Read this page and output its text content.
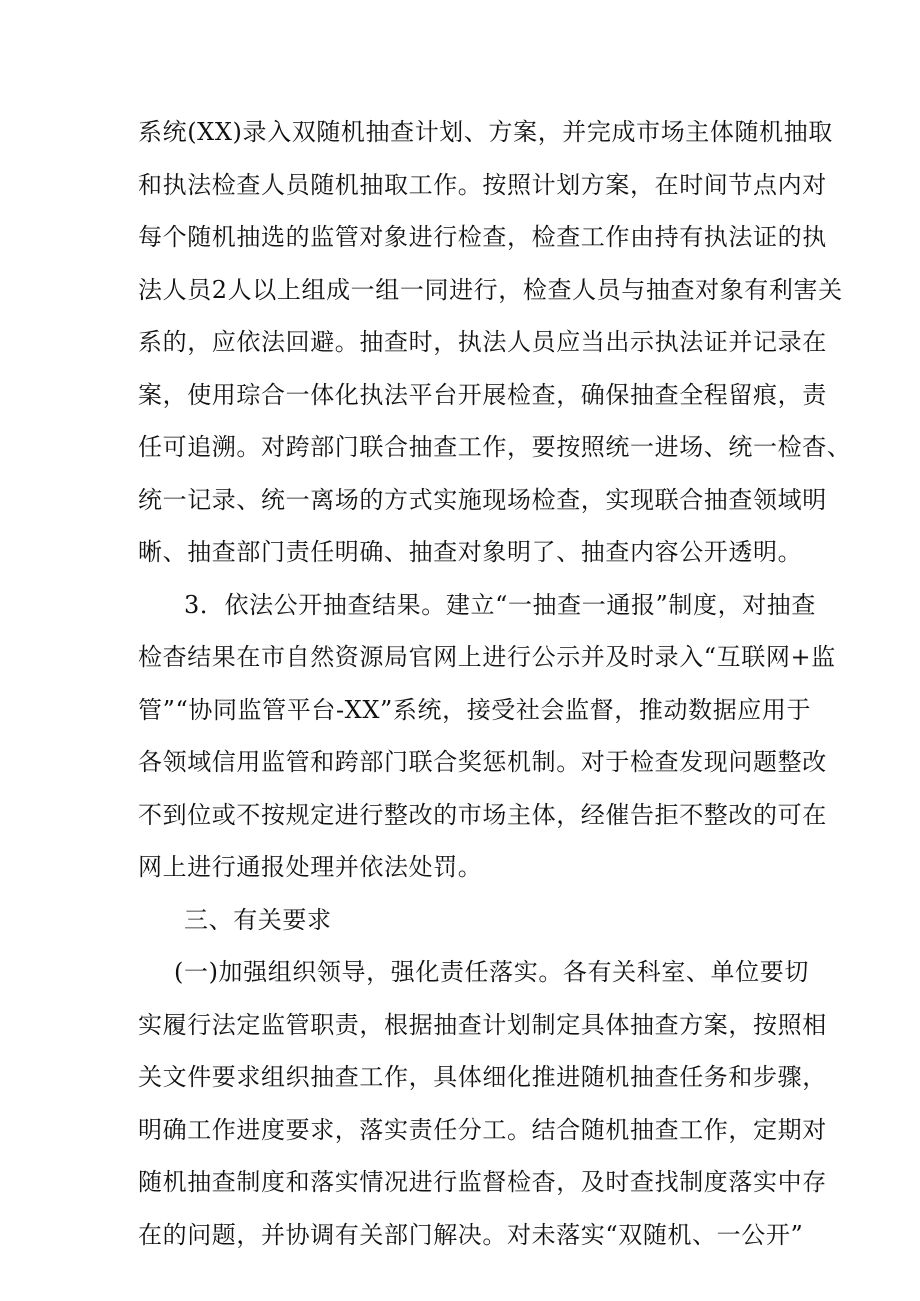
系统(XX)录入双随机抽查计划、方案，并完成市场主体随机抽取
和执法检查人员随机抽取工作。按照计划方案，在时间节点内对
每个随机抽选的监管对象进行检查，检查工作由持有执法证的执
法人员2人以上组成一组一同进行，检查人员与抽查对象有利害关
系的，应依法回避。抽查时，执法人员应当出示执法证并记录在
案，使用琮合一体化执法平台开展检查，确保抽查全程留痕，责
任可追溯。对跨部门联合抽查工作，要按照统一进场、统一检杳、
统一记录、统一离场的方式实施现场检查，实现联合抽查领域明
晰、抽查部门责任明确、抽查对象明了、抽查内容公开透明。
3．依法公开抽查结果。建立“一抽查一通报”制度，对抽查
检杳结果在市自然资源局官网上进行公示并及时录入“互联网+监
管”“协同监管平台-XX”系统，接受社会监督，推动数据应用于
各领域信用监管和跨部门联合奖惩机制。对于检查发现问题整改
不到位或不按规定进行整改的市场主体，经催告拒不整改的可在
网上进行通报处理并依法处罚。
三、有关要求
(一)加强组织领导，强化责任落实。各有关科室、单位要切
实履行法定监管职责，根据抽查计划制定具体抽查方案，按照相
关文件要求组织抽查工作，具体细化推进随机抽查任务和步骤，
明确工作进度要求，落实责任分工。结合随机抽查工作，定期对
随机抽查制度和落实情况进行监督检杳，及时查找制度落实中存
在的问题，并协调有关部门解决。对未落实“双随机、一公开”
